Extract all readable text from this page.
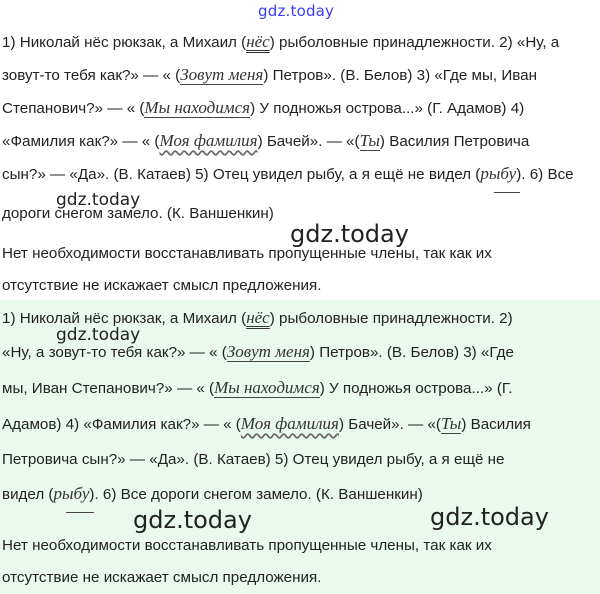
gdz.today
1) Николай нёс рюкзак, а Михаил (нёс) рыболовные принадлежности. 2) «Ну, а
зовут-то тебя как?» — « (Зовут меня) Петров». (В. Белов) 3) «Где мы, Иван
Степанович?» — « (Мы находимся) У подножья острова...» (Г. Адамов) 4)
«Фамилия как?» — « (Моя фамилия) Бачей». — «(Ты) Василия Петровича
сын?» — «Да». (В. Катаев) 5) Отец увидел рыбу, а я ещё не видел (рыбу). 6) Все
дороги снегом замело. (К. Ваншенкин)
Нет необходимости восстанавливать пропущенные члены, так как их
отсутствие не искажает смысл предложения.
1) Николай нёс рюкзак, а Михаил (нёс) рыболовные принадлежности. 2)
«Ну, а зовут-то тебя как?» — « (Зовут меня) Петров». (В. Белов) 3) «Где
мы, Иван Степанович?» — « (Мы находимся) У подножья острова...» (Г.
Адамов) 4) «Фамилия как?» — « (Моя фамилия) Бачей». — «(Ты) Василия
Петровича сын?» — «Да». (В. Катаев) 5) Отец увидел рыбу, а я ещё не
видел (рыбу). 6) Все дороги снегом замело. (К. Ваншенкин)
Нет необходимости восстанавливать пропущенные члены, так как их
отсутствие не искажает смысл предложения.
gdz.today
gdz.today
gdz.today
gdz.today	gdz.today
